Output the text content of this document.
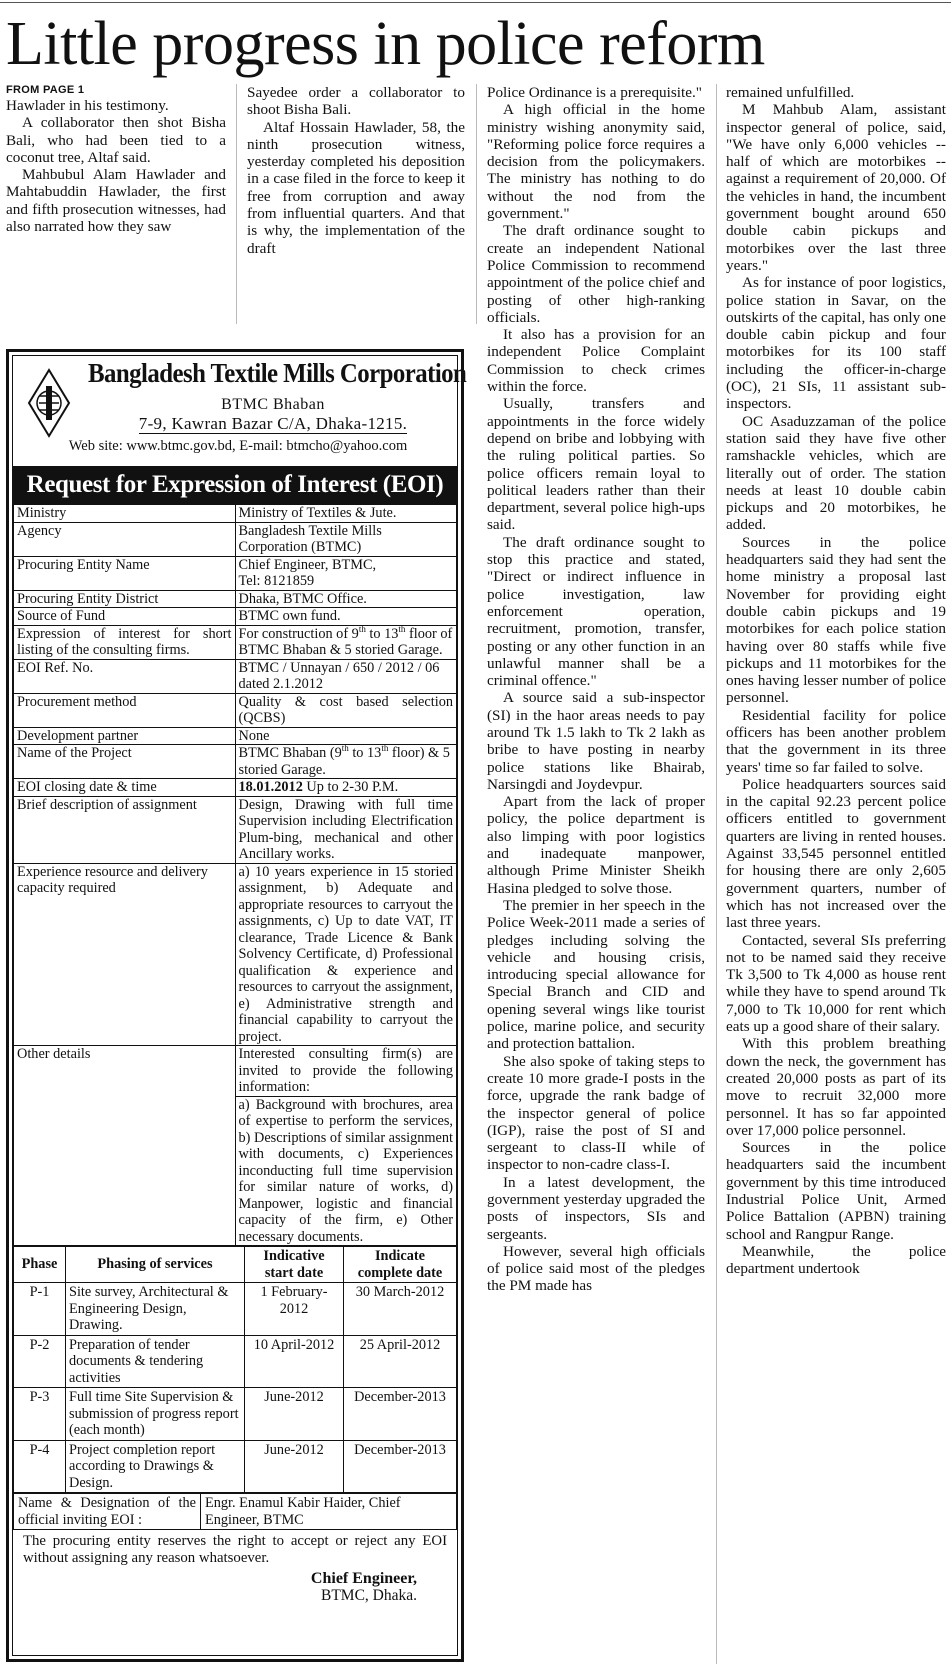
Little progress in police reform
FROM PAGE 1

Hawlader in his testimony.

A collaborator then shot Bisha Bali, who had been tied to a coconut tree, Altaf said.

Mahbubul Alam Hawlader and Mahtabuddin Hawlader, the first and fifth prosecution witnesses, had also narrated how they saw

Sayedee order a collaborator to shoot Bisha Bali.

Altaf Hossain Hawlader, 58, the ninth prosecution witness, yesterday completed his deposition in a case filed in the force to keep it free from corruption and away from influential quarters. And that is why, the implementation of the draft

Police Ordinance is a prerequisite."

A high official in the home ministry wishing anonymity said, "Reforming police force requires a decision from the policymakers. The ministry has nothing to do without the nod from the government."

The draft ordinance sought to create an independent National Police Commission to recommend appointment of the police chief and posting of other high-ranking officials.

It also has a provision for an independent Police Complaint Commission to check crimes within the force.

Usually, transfers and appointments in the force widely depend on bribe and lobbying with the ruling political parties. So police officers remain loyal to political leaders rather than their department, several police high-ups said.

The draft ordinance sought to stop this practice and stated, "Direct or indirect influence in police investigation, law enforcement operation, recruitment, promotion, transfer, posting or any other function in an unlawful manner shall be a criminal offence."

A source said a sub-inspector (SI) in the haor areas needs to pay around Tk 1.5 lakh to Tk 2 lakh as bribe to have posting in nearby police stations like Bhairab, Narsingdi and Joydevpur.

Apart from the lack of proper policy, the police department is also limping with poor logistics and inadequate manpower, although Prime Minister Sheikh Hasina pledged to solve those.

The premier in her speech in the Police Week-2011 made a series of pledges including solving the vehicle and housing crisis, introducing special allowance for Special Branch and CID and opening several wings like tourist police, marine police, and security and protection battalion.

She also spoke of taking steps to create 10 more grade-I posts in the force, upgrade the rank badge of the inspector general of police (IGP), raise the post of SI and sergeant to class-II while of inspector to non-cadre class-I.

In a latest development, the government yesterday upgraded the posts of inspectors, SIs and sergeants.

However, several high officials of police said most of the pledges the PM made has

remained unfulfilled.

M Mahbub Alam, assistant inspector general of police, said, "We have only 6,000 vehicles -- half of which are motorbikes -- against a requirement of 20,000. Of the vehicles in hand, the incumbent government bought around 650 double cabin pickups and motorbikes over the last three years."

As for instance of poor logistics, police station in Savar, on the outskirts of the capital, has only one double cabin pickup and four motorbikes for its 100 staff including the officer-in-charge (OC), 21 SIs, 11 assistant sub-inspectors.

OC Asaduzzaman of the police station said they have five other ramshackle vehicles, which are literally out of order. The station needs at least 10 double cabin pickups and 20 motorbikes, he added.

Sources in the police headquarters said they had sent the home ministry a proposal last November for providing eight double cabin pickups and 19 motorbikes for each police station having over 80 staffs while five pickups and 11 motorbikes for the ones having lesser number of police personnel.

Residential facility for police officers has been another problem that the government in its three years' time so far failed to solve.

Police headquarters sources said in the capital 92.23 percent police officers entitled to government quarters are living in rented houses. Against 33,545 personnel entitled for housing there are only 2,605 government quarters, number of which has not increased over the last three years.

Contacted, several SIs preferring not to be named said they receive Tk 3,500 to Tk 4,000 as house rent while they have to spend around Tk 7,000 to Tk 10,000 for rent which eats up a good share of their salary.

With this problem breathing down the neck, the government has created 20,000 posts as part of its move to recruit 32,000 more personnel. It has so far appointed over 17,000 police personnel.

Sources in the police headquarters said the incumbent government by this time introduced Industrial Police Unit, Armed Police Battalion (APBN) training school and Rangpur Range.

Meanwhile, the police department undertook

Bangladesh Textile Mills Corporation
BTMC Bhaban
7-9, Kawran Bazar C/A, Dhaka-1215.
Web site: www.btmc.gov.bd, E-mail: btmcho@yahoo.com
Request for Expression of Interest (EOI)
Ministry	Ministry of Textiles & Jute.
Agency	Bangladesh Textile Mills Corporation (BTMC)
Procuring Entity Name	Chief Engineer, BTMC,
Tel: 8121859
Procuring Entity District	Dhaka, BTMC Office.
Source of Fund	BTMC own fund.
Expression of interest for short listing of the consulting firms.	For construction of 9th to 13th floor of BTMC Bhaban & 5 storied Garage.
EOI Ref. No.	BTMC / Unnayan / 650 / 2012 / 06 dated 2.1.2012
Procurement method	Quality & cost based selection (QCBS)
Development partner	None
Name of the Project	BTMC Bhaban (9th to 13th floor) & 5 storied Garage.
EOI closing date & time	18.01.2012 Up to 2-30 P.M.
Brief description of assignment	Design, Drawing with full time Supervision including Electrification Plum-bing, mechanical and other Ancillary works.
Experience resource and delivery capacity required	a) 10 years experience in 15 storied assignment, b) Adequate and appropriate resources to carryout the assignments, c) Up to date VAT, IT clearance, Trade Licence & Bank Solvency Certificate, d) Professional qualification & experience and resources to carryout the assignment, e) Administrative strength and financial capability to carryout the project.
Other details	Interested consulting firm(s) are invited to provide the following information:
	a) Background with brochures, area of expertise to perform the services, b) Descriptions of similar assignment with documents, c) Experiences inconducting full time supervision for similar nature of works, d) Manpower, logistic and financial capacity of the firm, e) Other necessary documents.
Phase	Phasing of services	Indicative start date	Indicate complete date
P-1	Site survey, Architectural & Engineering Design, Drawing.	1 February-2012	30 March-2012
P-2	Preparation of tender documents & tendering activities	10 April-2012	25 April-2012
P-3	Full time Site Supervision & submission of progress report (each month)	June-2012	December-2013
P-4	Project completion report according to Drawings & Design.	June-2012	December-2013
Name & Designation of the official inviting EOI :	Engr. Enamul Kabir Haider, Chief Engineer, BTMC
The procuring entity reserves the right to accept or reject any EOI without assigning any reason whatsoever.
Chief Engineer,
BTMC, Dhaka.
